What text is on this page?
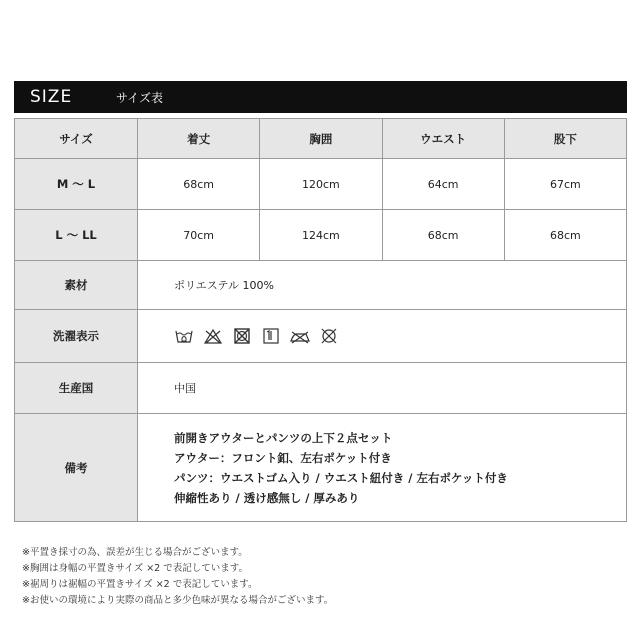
SIZE	サイズ表
サイズ	着丈	胸囲	ウエスト	股下
M ～ L	68cm	120cm	64cm	67cm
L ～ LL	70cm	124cm	68cm	68cm
素材	ポリエステル 100%			
洗濯表示	

生産国	中国			
備考	前開きアウターとパンツの上下２点セット
アウター：フロント釦、左右ポケット付き
パンツ：ウエストゴム入り / ウエスト紐付き / 左右ポケット付き
伸縮性あり / 透け感無し / 厚みあり			
※平置き採寸の為、誤差が生じる場合がございます。
※胸囲は身幅の平置きサイズ ×2 で表記しています。
※裾周りは裾幅の平置きサイズ ×2 で表記しています。
※お使いの環境により実際の商品と多少色味が異なる場合がございます。
